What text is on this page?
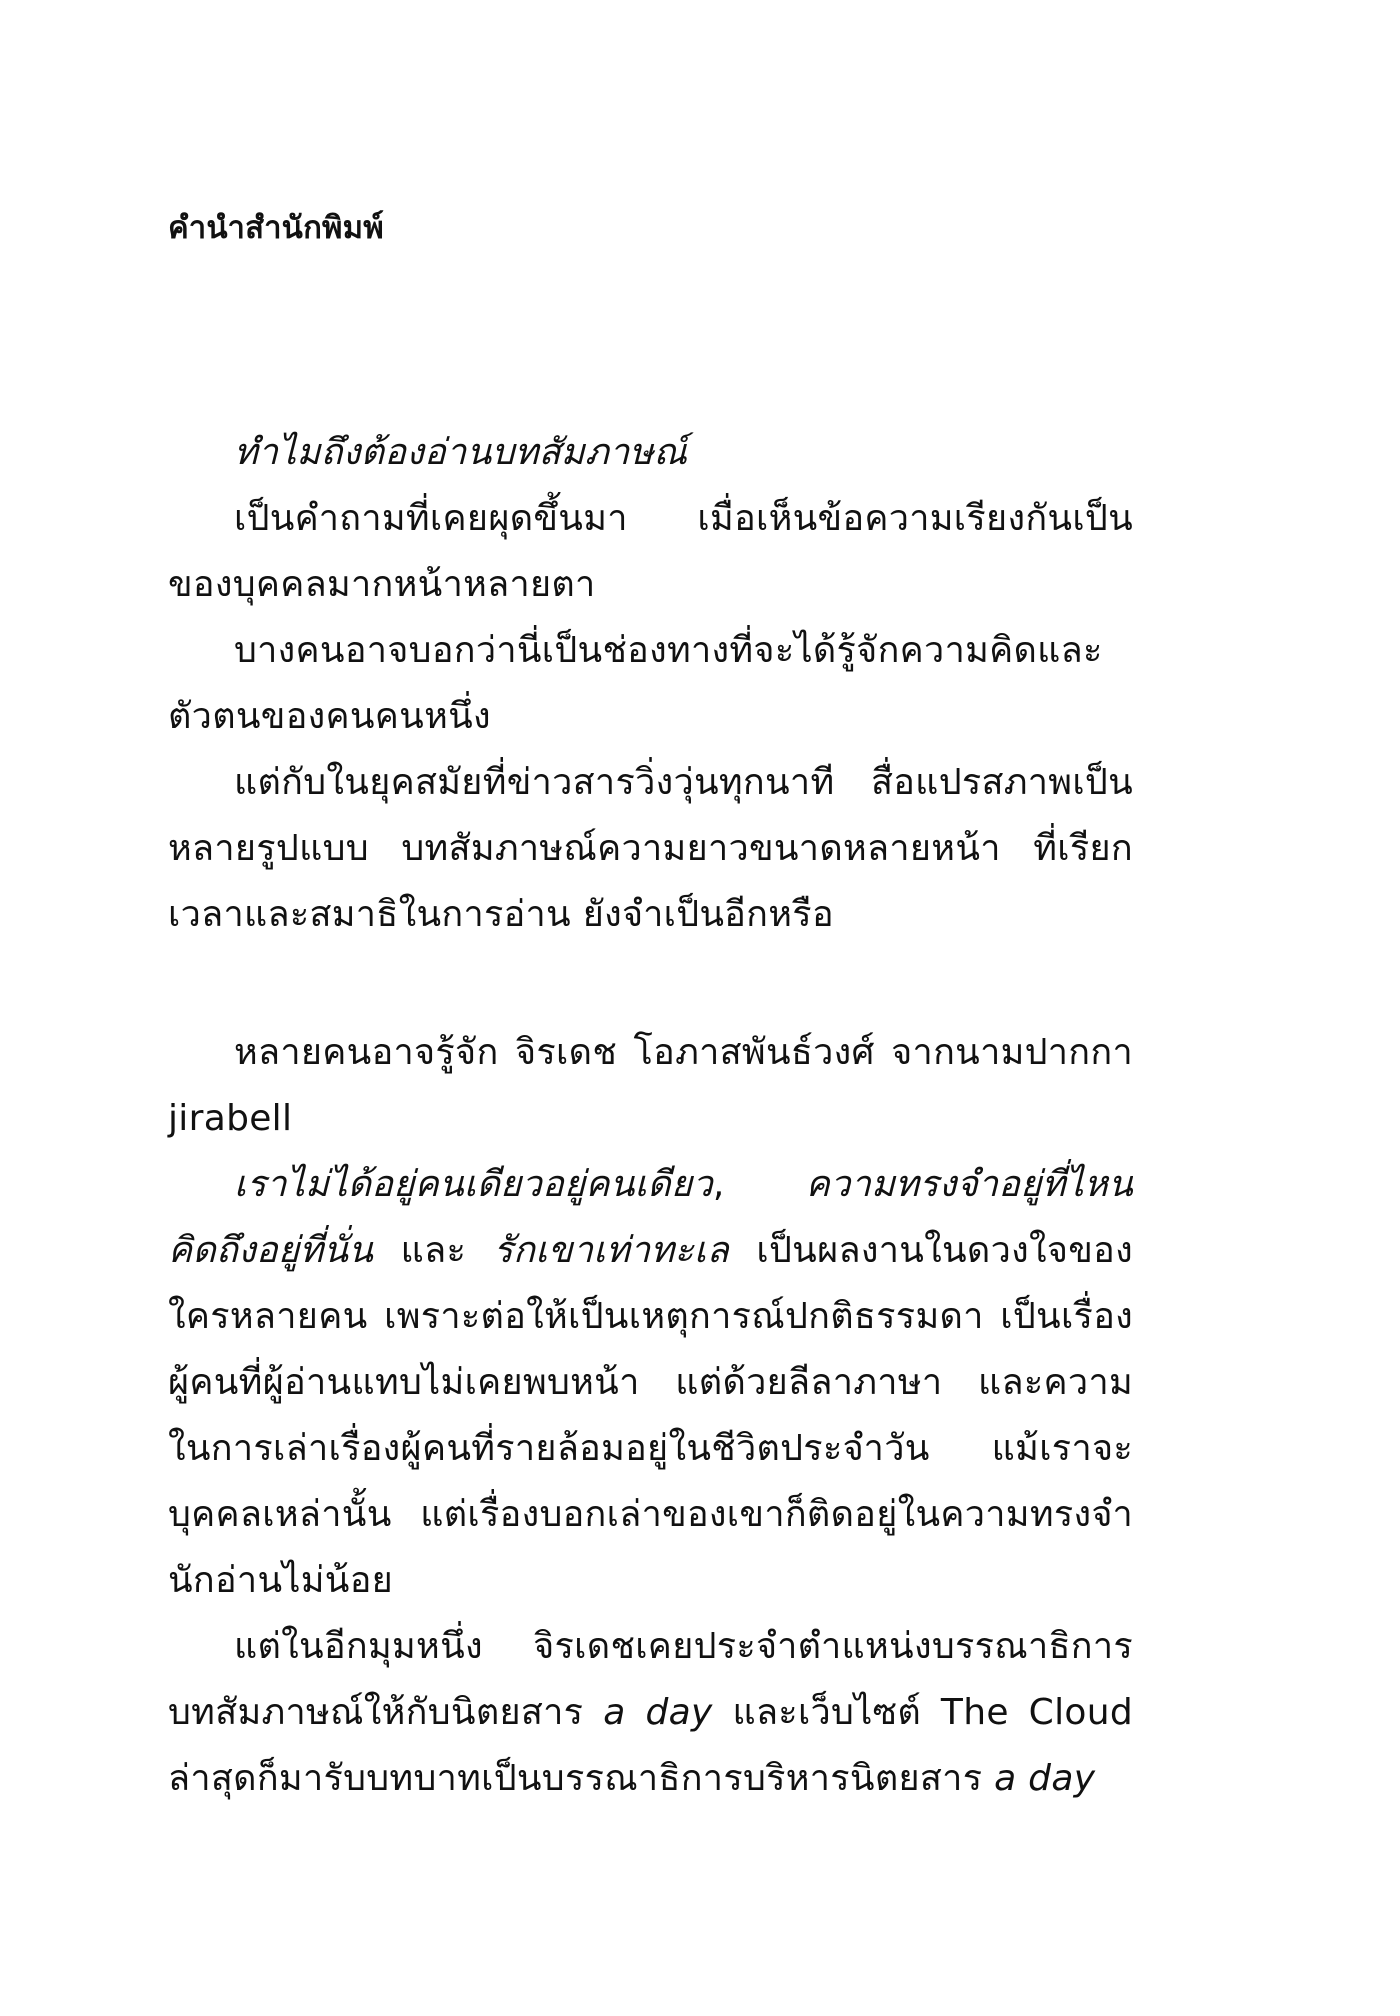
คำนำสำนักพิมพ์
ทำไมถึงต้องอ่านบทสัมภาษณ์
เป็นคำถามที่เคยผุดขึ้นมา เมื่อเห็นข้อความเรียงกันเป็น
ของบุคคลมากหน้าหลายตา
บางคนอาจบอกว่านี่เป็นช่องทางที่จะได้รู้จักความคิดและ
ตัวตนของคนคนหนึ่ง
แต่กับในยุคสมัยที่ข่าวสารวิ่งวุ่นทุกนาที สื่อแปรสภาพเป็น
หลายรูปแบบ บทสัมภาษณ์ความยาวขนาดหลายหน้า ที่เรียก
เวลาและสมาธิในการอ่าน ยังจำเป็นอีกหรือ
หลายคนอาจรู้จัก จิรเดช โอภาสพันธ์วงศ์ จากนามปากกา
jirabell
เราไม่ได้อยู่คนเดียวอยู่คนเดียว, ความทรงจำอยู่ที่ไหน
คิดถึงอยู่ที่นั่น และ รักเขาเท่าทะเล เป็นผลงานในดวงใจของ
ใครหลายคน เพราะต่อให้เป็นเหตุการณ์ปกติธรรมดา เป็นเรื่อง
ผู้คนที่ผู้อ่านแทบไม่เคยพบหน้า แต่ด้วยลีลาภาษา และความ
ในการเล่าเรื่องผู้คนที่รายล้อมอยู่ในชีวิตประจำวัน แม้เราจะ
บุคคลเหล่านั้น แต่เรื่องบอกเล่าของเขาก็ติดอยู่ในความทรงจำ
นักอ่านไม่น้อย
แต่ในอีกมุมหนึ่ง จิรเดชเคยประจำตำแหน่งบรรณาธิการ
บทสัมภาษณ์ให้กับนิตยสาร a day และเว็บไซต์ The Cloud
ล่าสุดก็มารับบทบาทเป็นบรรณาธิการบริหารนิตยสาร a day
